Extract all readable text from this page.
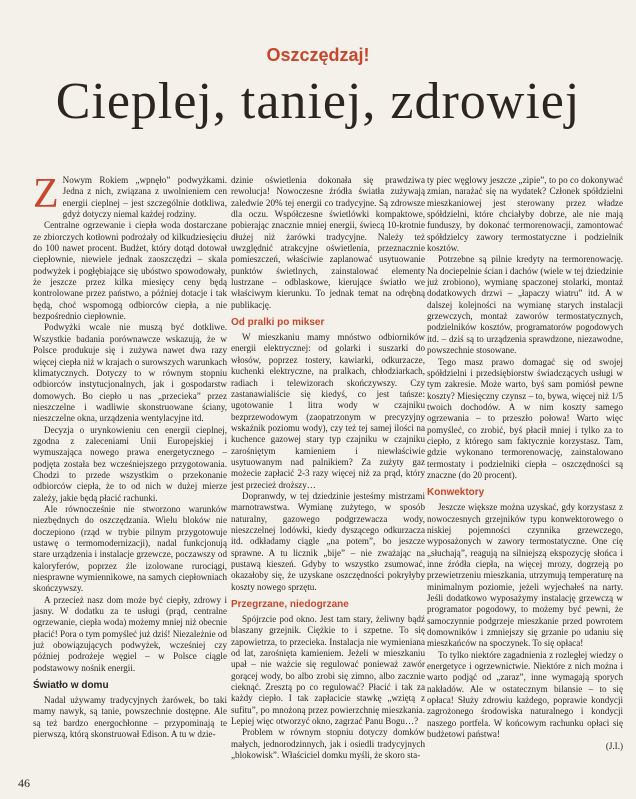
Oszczędzaj!
Cieplej, taniej, zdrowiej

Z Nowym Rokiem „wpnęło” podwyżkami. Jedna z nich, związana z uwolnieniem cen energii cieplnej – jest szczególnie dotkliwa, gdyż dotyczy niemal każdej rodziny.

Centralne ogrzewanie i ciepła woda dostarczane ze zbiorczych kotłowni podrożały od kilkudziesięciu do 100 nawet procent. Budżet, który dotąd dotował ciepłownie, niewiele jednak zaoszczędzi – skala podwyżek i pogłębiające się ubóstwo spowodowały, że jeszcze przez kilka miesięcy ceny będą kontrolowane przez państwo, a później dotacje i tak będą, choć wspomogą odbiorców ciepła, a nie bezpośrednio ciepłownie.

Podwyżki wcale nie muszą być dotkliwe. Wszystkie badania porównawcze wskazują, że w Polsce produkuje się i zużywa nawet dwa razy więcej ciepła niż w krajach o surowszych warunkach klimatycznych. Dotyczy to w równym stopniu odbiorców instytucjonalnych, jak i gospodarstw domowych. Bo ciepło u nas „przecieka” przez nieszczelne i wadliwie skonstruowane ściany, nieszczelne okna, urządzenia wentylacyjne itd.

Decyzja o urynkowieniu cen energii cieplnej, zgodna z zaleceniami Unii Europejskiej i wymuszająca nowego prawa energetycznego – podjęta została bez wcześniejszego przygotowania. Chodzi to przede wszystkim o przekonanie odbiorców ciepła, że to od nich w dużej mierze zależy, jakie będą płacić rachunki.

Ale równocześnie nie stworzono warunków niezbędnych do oszczędzania. Wielu bloków nie doczepiono (rząd w trybie pilnym przygotowuje ustawę o termomodernizacji), nadal funkcjonują stare urządzenia i instalacje grzewcze, poczawszy od kaloryferów, poprzez źle izolowane rurociągi, niesprawne wymiennikowe, na samych ciepłowniach skończywszy.

A przecież nasz dom może być ciepły, zdrowy i jasny. W dodatku za te usługi (prąd, centralne ogrzewanie, ciepła woda) możemy mniej niż obecnie płacić! Pora o tym pomyśleć już dziś! Niezależnie od już obowiązujących podwyżek, wcześniej czy później podrożeje węgiel – w Polsce ciągle podstawowy nośnik energii.

Światło w domu

Nadal używamy tradycyjnych żarówek, bo taki mamy nawyk, są tanie, powszechnie dostępne. Ale są też bardzo energochłonne – przypominają te pierwszą, którą skonstruował Edison. A tu w dzie-

dzinie oświetlenia dokonała się prawdziwa rewolucja! Nowoczesne źródła światła zużywają zaledwie 20% tej energii co tradycyjne. Są zdrowsze dla oczu. Współczesne świetlówki kompaktowe, pobierając znacznie mniej energii, świecą 10-krotnie dłużej niż żarówki tradycyjne. Należy też uwzględnić atrakcyjne oświetlenia, przeznacznie pomieszczeń, właściwie zaplanować usytuowanie punktów świetlnych, zainstalować elementy lustrzane – odblaskowe, kierujące światło we właściwym kierunku. To jednak temat na odrębną publikację.

Od pralki po mikser

W mieszkaniu mamy mnóstwo odbiorników energii elektrycznej: od golarki i suszarki do włosów, poprzez tostery, kawiarki, odkurzacze, kuchenki elektryczne, na pralkach, chłodziarkach, radiach i telewizorach skończywszy. Czy zastanawialiście się kiedyś, co jest tańsze: ugotowanie 1 litra wody w czajniku bezprzewodowym (zaopatrzonym w precyzyjny wskaźnik poziomu wody), czy też tej samej ilości na kuchence gazowej stary typ czajniku w czajniku zarośniętym kamieniem i niewłaściwie usytuowanym nad palnikiem? Za zużyty gaz możecie zapłacić 2-3 razy więcej niż za prąd, który jest przecież droższy…

Dopranwdy, w tej dziedzinie jesteśmy mistrzami marnotrawstwa. Wymianę zużytego, w sposób naturalny, gazowego podgrzewacza wody, nieszczelnej lodówki, kiedy dyszącego odkurzacza itd. odkładamy ciągle „na potem”, bo jeszcze sprawne. A tu licznik „bije” – nie zważając na pustawą kieszeń. Gdyby to wszystko zsumować, okazałoby się, że uzyskane oszczędności pokryłyby koszty nowego sprzętu.

Przegrzane, niedogrzane

Spójrzcie pod okno. Jest tam stary, żeliwny bądź blaszany grzejnik. Ciężkie to i szpetne. To się zapowietrza, to przecieka. Instalacja nie wymieniana od lat, zarośnięta kamieniem. Jeżeli w mieszkaniu upał – nie ważcie się regulować ponieważ zawór gorącej wody, bo albo zrobi się zimno, albo zacznie cieknąć. Zresztą po co regulować? Płacić i tak za każdy ciepło. I tak zapłacicie stawkę „wziętą z sufitu”, po mnożoną przez powierzchnię mieszkania. Lepiej więc otworzyć okno, zagrzać Panu Bogu…?

Problem w równym stopniu dotyczy domków małych, jednorodzinnych, jak i osiedli tradycyjnych „blokowisk”. Właściciel domku myśli, że skoro sta-

ty piec węglowy jeszcze „zipie”, to po co dokonywać zmian, narażać się na wydatek? Członek spółdzielni mieszkaniowej jest sterowany przez władze spółdzielni, które chciałyby dobrze, ale nie mają funduszy, by dokonać termorenowacji, zamontować spółdzielcy zawory termostatyczne i podzielnik kosztów.

Potrzebne są pilnie kredyty na termorenowację. Na dociepelnie ścian i dachów (wiele w tej dziedzinie już zrobiono), wymianę spaczonej stolarki, montaż dodatkowych drzwi – „łapaczy wiatru” itd. A w dalszej kolejności na wymianę starych instalacji grzewczych, montaż zaworów termostatycznych, podzielników kosztów, programatorów pogodowych itd. – dziś są to urządzenia sprawdzone, niezawodne, powszechnie stosowane.

Tego masz prawo domagać się od swojej spółdzielni i przedsiębiorstw świadczących usługi w tym zakresie. Może warto, byś sam pomiósł pewne koszty? Miesięczny czynsz – to, bywa, więcej niż 1/5 twoich dochodów. A w nim koszty samego ogrzewania – to przeszło połowa! Warto więc pomyśleć, co zrobić, byś płacił mniej i tylko za to ciepło, z którego sam faktycznie korzystasz. Tam, gdzie wykonano termorenowację, zainstalowano termostaty i podzielniki ciepła – oszczędności są znaczne (do 20 procent).

Konwektory

Jeszcze większe można uzyskać, gdy korzystasz z nowoczesnych grzejników typu konwektorowego o niskiej pojemności czynnika grzewczego, wyposażonych w zawory termostatyczne. One cię „słuchają”, reagują na silniejszą ekspozycję słońca i inne źródła ciepła, na więcej mrozy, dogrzeją po przewietrzeniu mieszkania, utrzymują temperaturę na minimalnym poziomie, jeżeli wyjechałeś na narty. Jeśli dodatkowo wyposażymy instalację grzewczą w programator pogodowy, to możemy być pewni, że samoczynnie podgrzeje mieszkanie przed powrotem domowników i zmniejszy się grzanie po udaniu się mieszkańców na spoczynek. To się opłaca!

To tylko niektóre zagadnienia z rozległej wiedzy o energetyce i ogrzewnictwie. Niektóre z nich można i warto podjąć od „zaraz”, inne wymagają sporych nakładów. Ale w ostatecznym bilansie – to się opłaca! Służy zdrowiu każdego, poprawie kondycji zagrożonego środowiska naturalnego i kondycji naszego portfela. W końcowym rachunku opłaci się budżetowi państwa!

(J.I.)

46
